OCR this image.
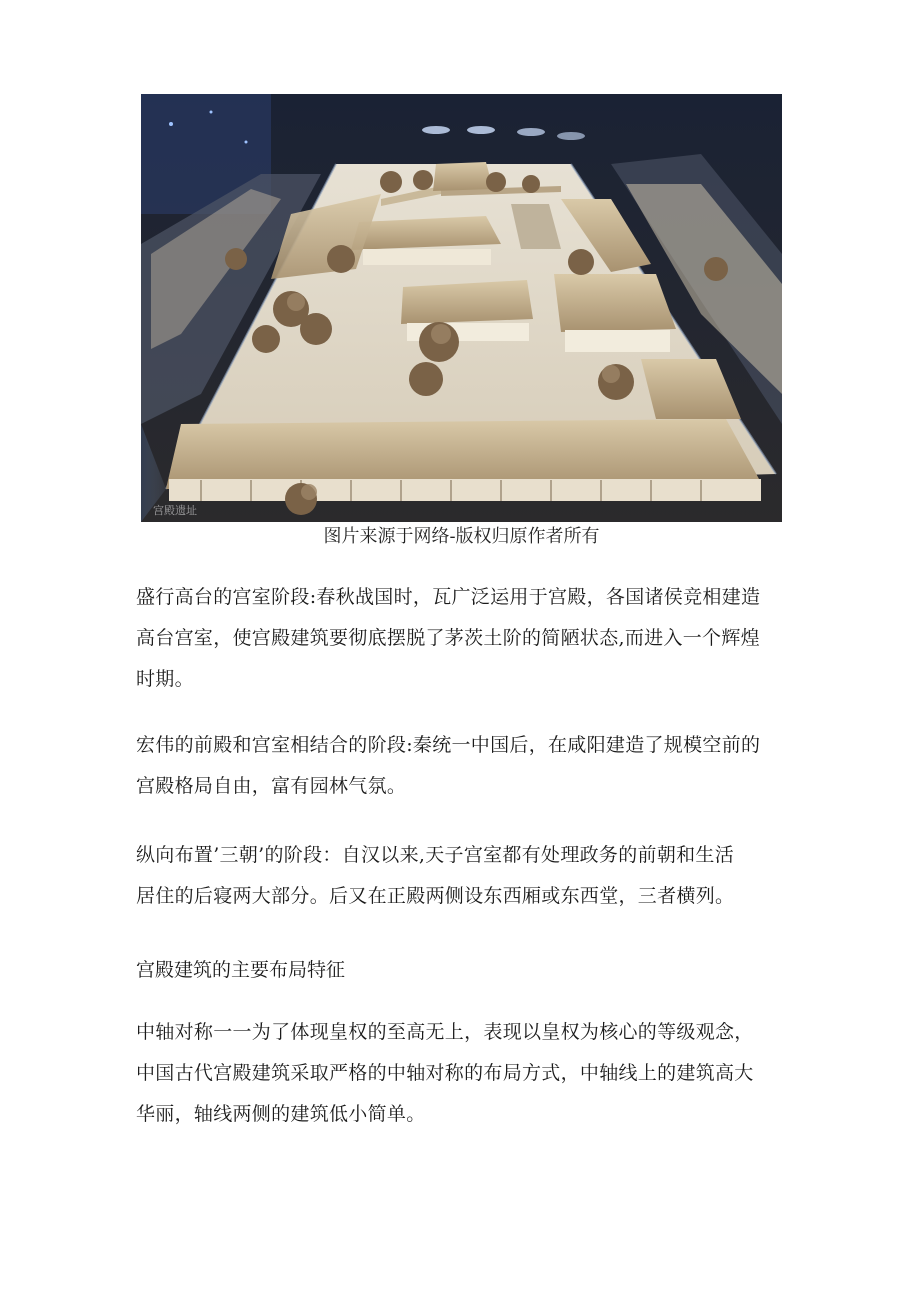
宫殿遗址
图片来源于网络-版权归原作者所有
盛行高台的宫室阶段:春秋战国时，瓦广泛运用于宫殿，各国诸侯竞相建造
高台宫室，使宫殿建筑要彻底摆脱了茅茨土阶的简陋状态,而进入一个辉煌
时期。
宏伟的前殿和宫室相结合的阶段:秦统一中国后，在咸阳建造了规模空前的
宫殿格局自由，富有园林气氛。
纵向布置’三朝’的阶段：自汉以来,天子宫室都有处理政务的前朝和生活
居住的后寝两大部分。后又在正殿两侧设东西厢或东西堂，三者横列。
宫殿建筑的主要布局特征
中轴对称一一为了体现皇权的至高无上，表现以皇权为核心的等级观念，
中国古代宫殿建筑采取严格的中轴对称的布局方式，中轴线上的建筑高大
华丽，轴线两侧的建筑低小简单。
